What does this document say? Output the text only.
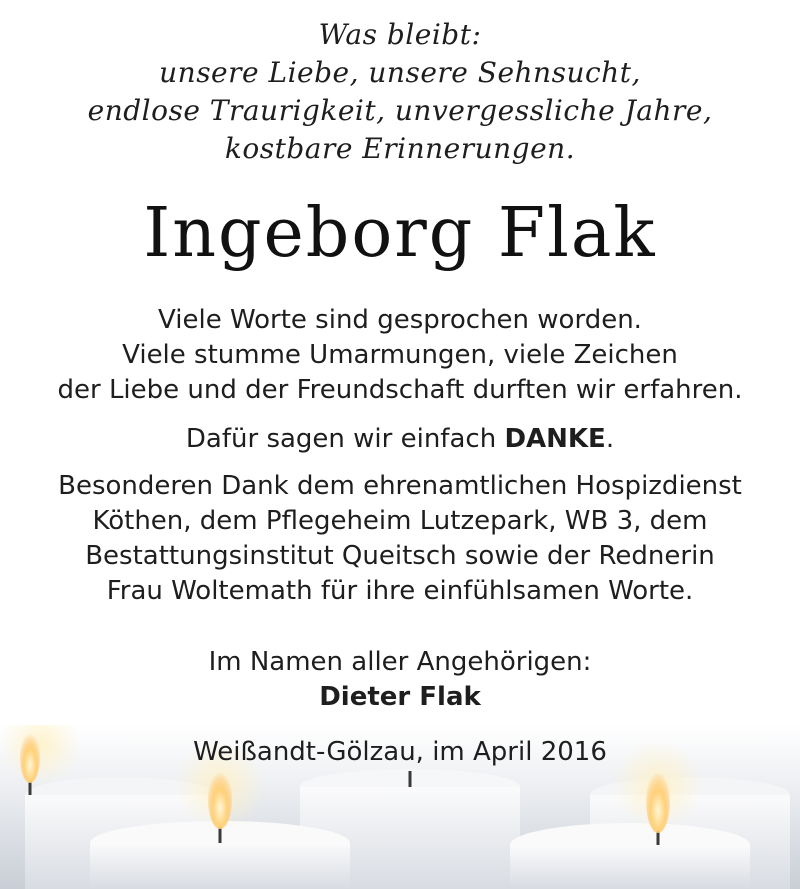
Was bleibt:
unsere Liebe, unsere Sehnsucht,
endlose Traurigkeit, unvergessliche Jahre,
kostbare Erinnerungen.
Ingeborg Flak
Viele Worte sind gesprochen worden.
Viele stumme Umarmungen, viele Zeichen
der Liebe und der Freundschaft durften wir erfahren.
Dafür sagen wir einfach DANKE.
Besonderen Dank dem ehrenamtlichen Hospizdienst
Köthen, dem Pflegeheim Lutzepark, WB 3, dem
Bestattungsinstitut Queitsch sowie der Rednerin
Frau Woltemath für ihre einfühlsamen Worte.
Im Namen aller Angehörigen:
Dieter Flak
Weißandt-Gölzau, im April 2016
